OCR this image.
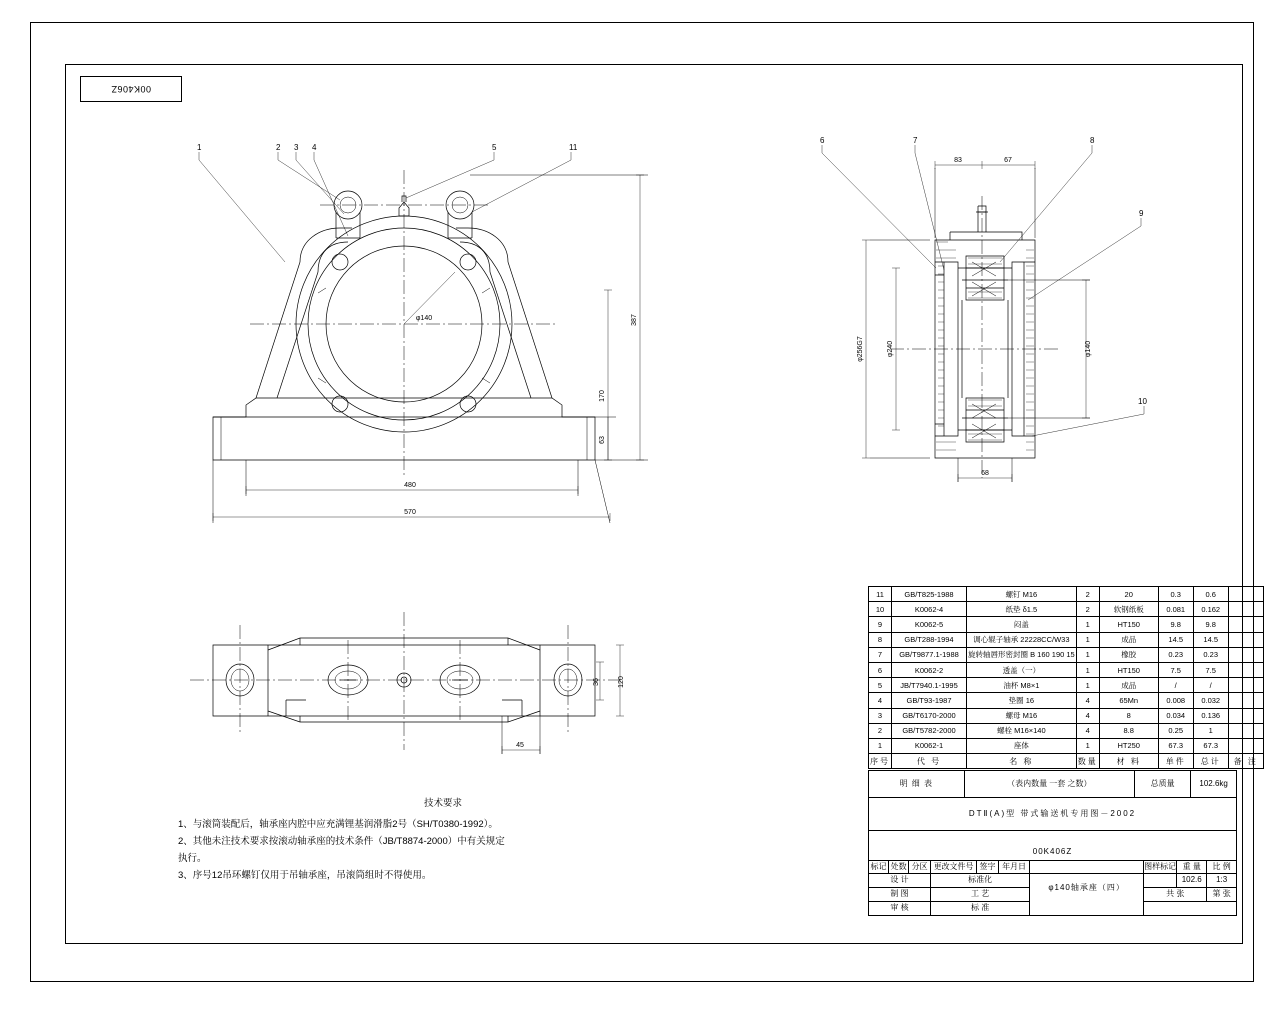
00K406Z
φ140
1	2 3 4	5	11
387
170
63
480
570
83	67
68
φ256G7	φ240	φ140
6	7	8
9
10
120
36
45
技术要求
1、与滚筒装配后，轴承座内腔中应充满锂基润滑脂2号（SH/T0380-1992）。
2、其他未注技术要求按滚动轴承座的技术条件（JB/T8874-2000）中有关规定
执行。
3、序号12吊环螺钉仅用于吊轴承座，吊滚筒组时不得使用。
11	GB/T825-1988	螺钉 M16	2	20	0.3	0.6	
10	K0062-4	纸垫 δ1.5	2	软钢纸板	0.081	0.162	
9	K0062-5	闷盖	1	HT150	9.8	9.8	
8	GB/T288-1994	调心辊子轴承 22228CC/W33	1	成品	14.5	14.5	
7	GB/T9877.1-1988	旋转轴唇形密封圈 B 160 190 15	1	橡胶	0.23	0.23	
6	K0062-2	透盖（一）	1	HT150	7.5	7.5	
5	JB/T7940.1-1995	油杯 M8×1	1	成品	/	/	
4	GB/T93-1987	垫圈 16	4	65Mn	0.008	0.032	
3	GB/T6170-2000	螺母 M16	4	8	0.034	0.136	
2	GB/T5782-2000	螺栓 M16×140	4	8.8	0.25	1	
1	K0062-1	座体	1	HT250	67.3	67.3	
序号	代 号	名 称	数量	材 料	单件	总计	备 注
明 细 表	（表内数量 一套 之数）	总质量	102.6kg
DTⅡ(A)型 带式输送机专用图－2002
00K406Z
标记	处数	分区	更改文件号	签字	年月日	φ140轴承座（四）	图样标记	重 量	比 例
设 计			标准化					102.6	1:3
制 图			工 艺				共 张		第 张
审 核			标 准						
